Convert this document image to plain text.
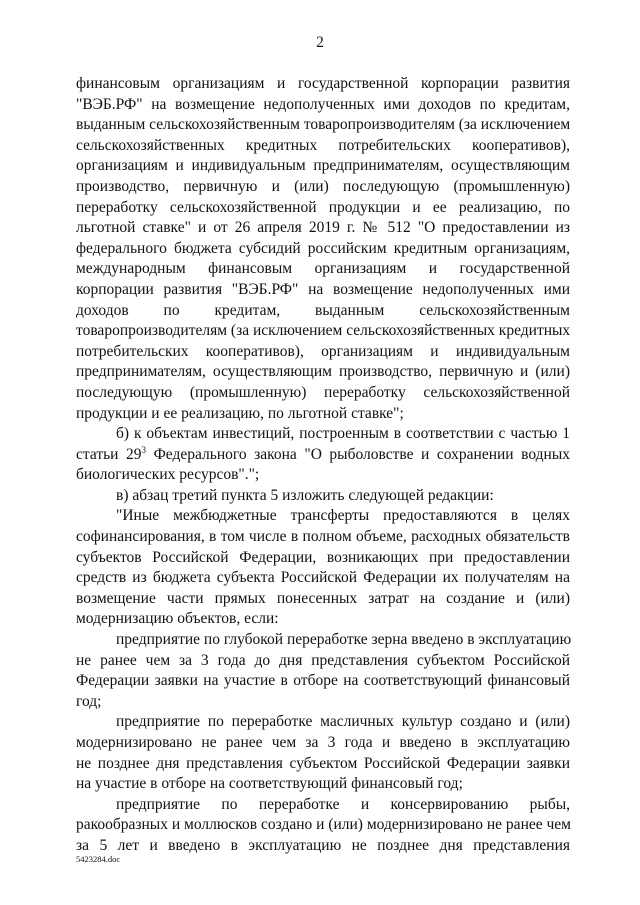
2
финансовым организациям и государственной корпорации развития
"ВЭБ.РФ" на возмещение недополученных ими доходов по кредитам,
выданным сельскохозяйственным товаропроизводителям (за исключением
сельскохозяйственных кредитных потребительских кооперативов),
организациям и индивидуальным предпринимателям, осуществляющим
производство, первичную и (или) последующую (промышленную)
переработку сельскохозяйственной продукции и ее реализацию, по
льготной ставке" и от 26 апреля 2019 г. № 512 "О предоставлении из
федерального бюджета субсидий российским кредитным организациям,
международным финансовым организациям и государственной
корпорации развития "ВЭБ.РФ" на возмещение недополученных ими
доходов по кредитам, выданным сельскохозяйственным
товаропроизводителям (за исключением сельскохозяйственных кредитных
потребительских кооперативов), организациям и индивидуальным
предпринимателям, осуществляющим производство, первичную и (или)
последующую (промышленную) переработку сельскохозяйственной
продукции и ее реализацию, по льготной ставке";
б) к объектам инвестиций, построенным в соответствии с частью 1
статьи $29^3$ Федерального закона "О рыболовстве и сохранении водных
биологических ресурсов".";
в) абзац третий пункта 5 изложить следующей редакции:
"Иные межбюджетные трансферты предоставляются в целях
софинансирования, в том числе в полном объеме, расходных обязательств
субъектов Российской Федерации, возникающих при предоставлении
средств из бюджета субъекта Российской Федерации их получателям на
возмещение части прямых понесенных затрат на создание и (или)
модернизацию объектов, если:
предприятие по глубокой переработке зерна введено в эксплуатацию
не ранее чем за 3 года до дня представления субъектом Российской
Федерации заявки на участие в отборе на соответствующий финансовый
год;
предприятие по переработке масличных культур создано и (или)
модернизировано не ранее чем за 3 года и введено в эксплуатацию
не позднее дня представления субъектом Российской Федерации заявки
на участие в отборе на соответствующий финансовый год;
предприятие по переработке и консервированию рыбы,
ракообразных и моллюсков создано и (или) модернизировано не ранее чем
за 5 лет и введено в эксплуатацию не позднее дня представления
5423284.doc
